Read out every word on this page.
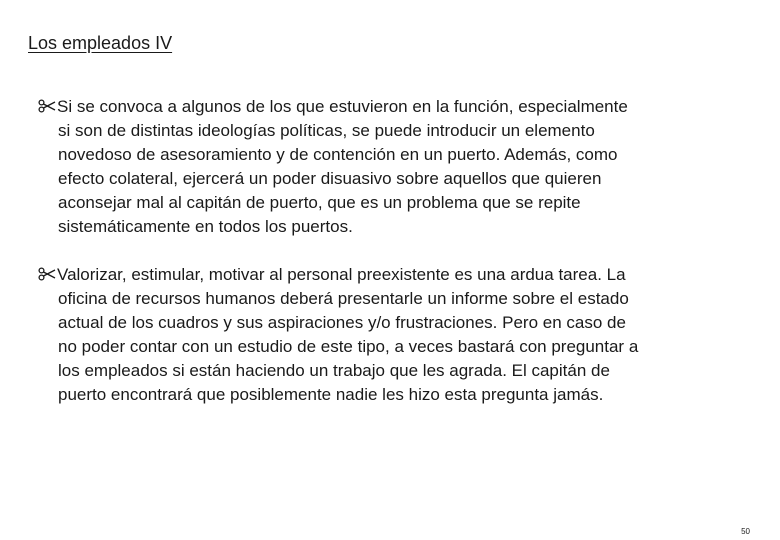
Los empleados IV
Si se convoca a algunos de los que estuvieron en la función, especialmente
si son de distintas ideologías políticas, se puede introducir un elemento
novedoso de asesoramiento y de contención en un puerto. Además, como
efecto colateral, ejercerá un poder disuasivo sobre aquellos que quieren
aconsejar mal al capitán de puerto, que es un problema que se repite
sistemáticamente en todos los puertos.
Valorizar, estimular, motivar al personal preexistente es una ardua tarea. La
oficina de recursos humanos deberá presentarle un informe sobre el estado
actual de los cuadros y sus aspiraciones y/o frustraciones. Pero en caso de
no poder contar con un estudio de este tipo, a veces bastará con preguntar a
los empleados si están haciendo un trabajo que les agrada. El capitán de
puerto encontrará que posiblemente nadie les hizo esta pregunta jamás.
50
